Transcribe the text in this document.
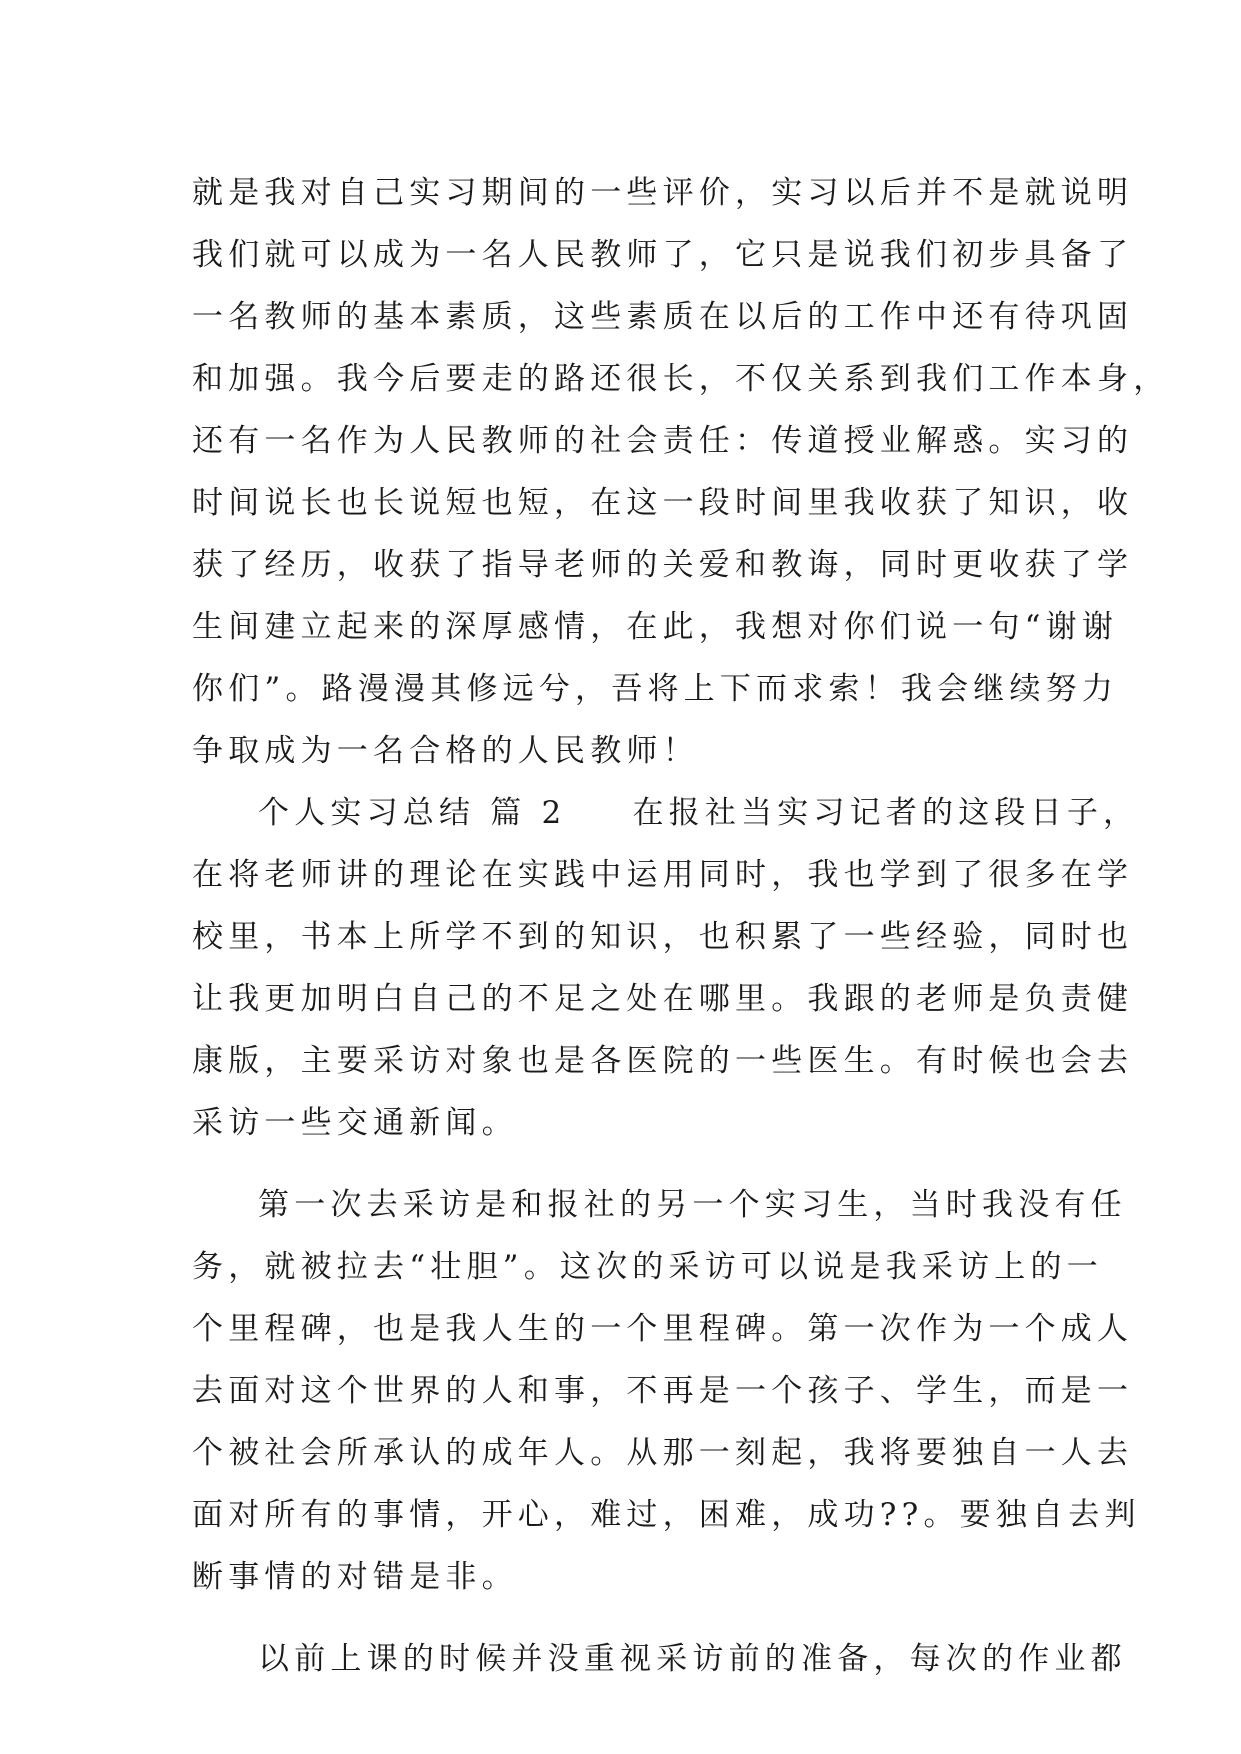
就是我对自己实习期间的一些评价，实习以后并不是就说明
我们就可以成为一名人民教师了，它只是说我们初步具备了
一名教师的基本素质，这些素质在以后的工作中还有待巩固
和加强。我今后要走的路还很长，不仅关系到我们工作本身，
还有一名作为人民教师的社会责任：传道授业解惑。实习的
时间说长也长说短也短，在这一段时间里我收获了知识，收
获了经历，收获了指导老师的关爱和教诲，同时更收获了学
生间建立起来的深厚感情，在此，我想对你们说一句“谢谢
你们”。路漫漫其修远兮，吾将上下而求索！我会继续努力
争取成为一名合格的人民教师！
个人实习总结 篇 2 在报社当实习记者的这段日子，
在将老师讲的理论在实践中运用同时，我也学到了很多在学
校里，书本上所学不到的知识，也积累了一些经验，同时也
让我更加明白自己的不足之处在哪里。我跟的老师是负责健
康版，主要采访对象也是各医院的一些医生。有时候也会去
采访一些交通新闻。
第一次去采访是和报社的另一个实习生，当时我没有任
务，就被拉去“壮胆”。这次的采访可以说是我采访上的一
个里程碑，也是我人生的一个里程碑。第一次作为一个成人
去面对这个世界的人和事，不再是一个孩子、学生，而是一
个被社会所承认的成年人。从那一刻起，我将要独自一人去
面对所有的事情，开心，难过，困难，成功??。要独自去判
断事情的对错是非。
以前上课的时候并没重视采访前的准备，每次的作业都
